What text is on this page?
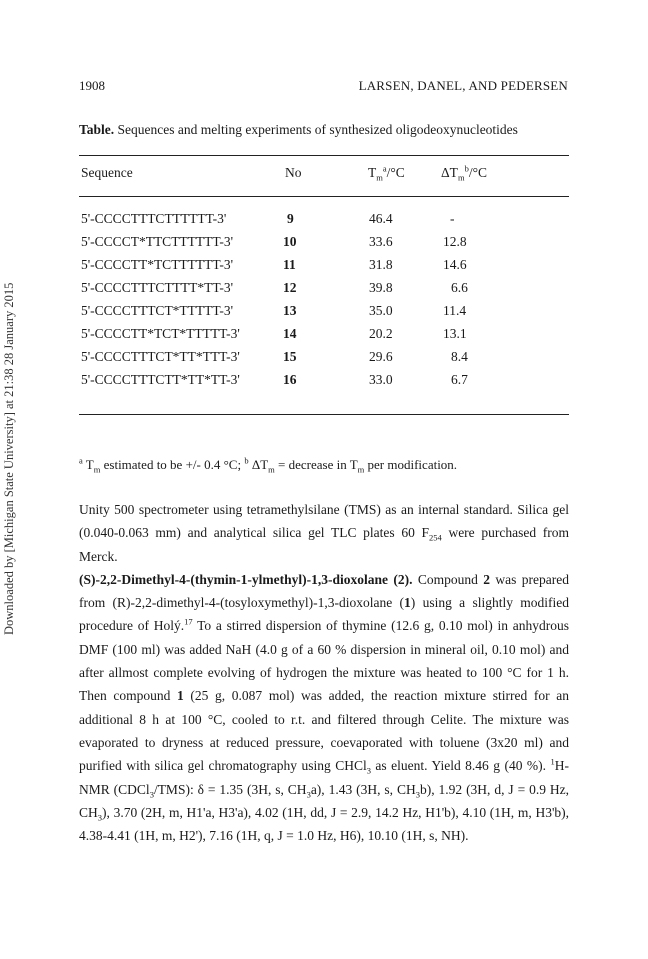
Downloaded by [Michigan State University] at 21:38 28 January 2015
1908	LARSEN, DANEL, AND PEDERSEN
Table. Sequences and melting experiments of synthesized oligodeoxynucleotides
Sequence	No	$T_m^a/^\circ C$	$\Delta T_m^b/^\circ C$
5'-CCCCTTTCTTTTTT-3'	9	46.4	-
5'-CCCCT*TTCTTTTTT-3'	10	33.6	12.8
5'-CCCCTT*TCTTTTTT-3'	11	31.8	14.6
5'-CCCCTTTCTTTT*TT-3'	12	39.8	6.6
5'-CCCCTTTCT*TTTTT-3'	13	35.0	11.4
5'-CCCCTT*TCT*TTTTT-3'	14	20.2	13.1
5'-CCCCTTTCT*TT*TTT-3'	15	29.6	8.4
5'-CCCCTTTCTT*TT*TT-3'	16	33.0	6.7
$^a$ $T_m$ estimated to be +/- 0.4 °C; $^b$ $\Delta T_m$ = decrease in $T_m$ per modification.

Unity 500 spectrometer using tetramethylsilane (TMS) as an internal standard. Silica gel (0.040-0.063 mm) and analytical silica gel TLC plates 60 $F_{254}$ were purchased from Merck.

(S)-2,2-Dimethyl-4-(thymin-1-ylmethyl)-1,3-dioxolane (2). Compound 2 was prepared from (R)-2,2-dimethyl-4-(tosyloxymethyl)-1,3-dioxolane (1) using a slightly modified procedure of Holý.$^{17}$ To a stirred dispersion of thymine (12.6 g, 0.10 mol) in anhydrous DMF (100 ml) was added NaH (4.0 g of a 60 % dispersion in mineral oil, 0.10 mol) and after allmost complete evolving of hydrogen the mixture was heated to 100 °C for 1 h. Then compound 1 (25 g, 0.087 mol) was added, the reaction mixture stirred for an additional 8 h at 100 °C, cooled to r.t. and filtered through Celite. The mixture was evaporated to dryness at reduced pressure, coevaporated with toluene (3x20 ml) and purified with silica gel chromatography using CHCl$_3$ as eluent. Yield 8.46 g (40 %). $^1$H-NMR (CDCl$_3$/TMS): δ = 1.35 (3H, s, $CH_3a$), 1.43 (3H, s, $CH_3b$), 1.92 (3H, d, J = 0.9 Hz, $CH_3$), 3.70 (2H, m, H1'a, H3'a), 4.02 (1H, dd, J = 2.9, 14.2 Hz, H1'b), 4.10 (1H, m, H3'b), 4.38-4.41 (1H, m, H2'), 7.16 (1H, q, J = 1.0 Hz, H6), 10.10 (1H, s, NH).
